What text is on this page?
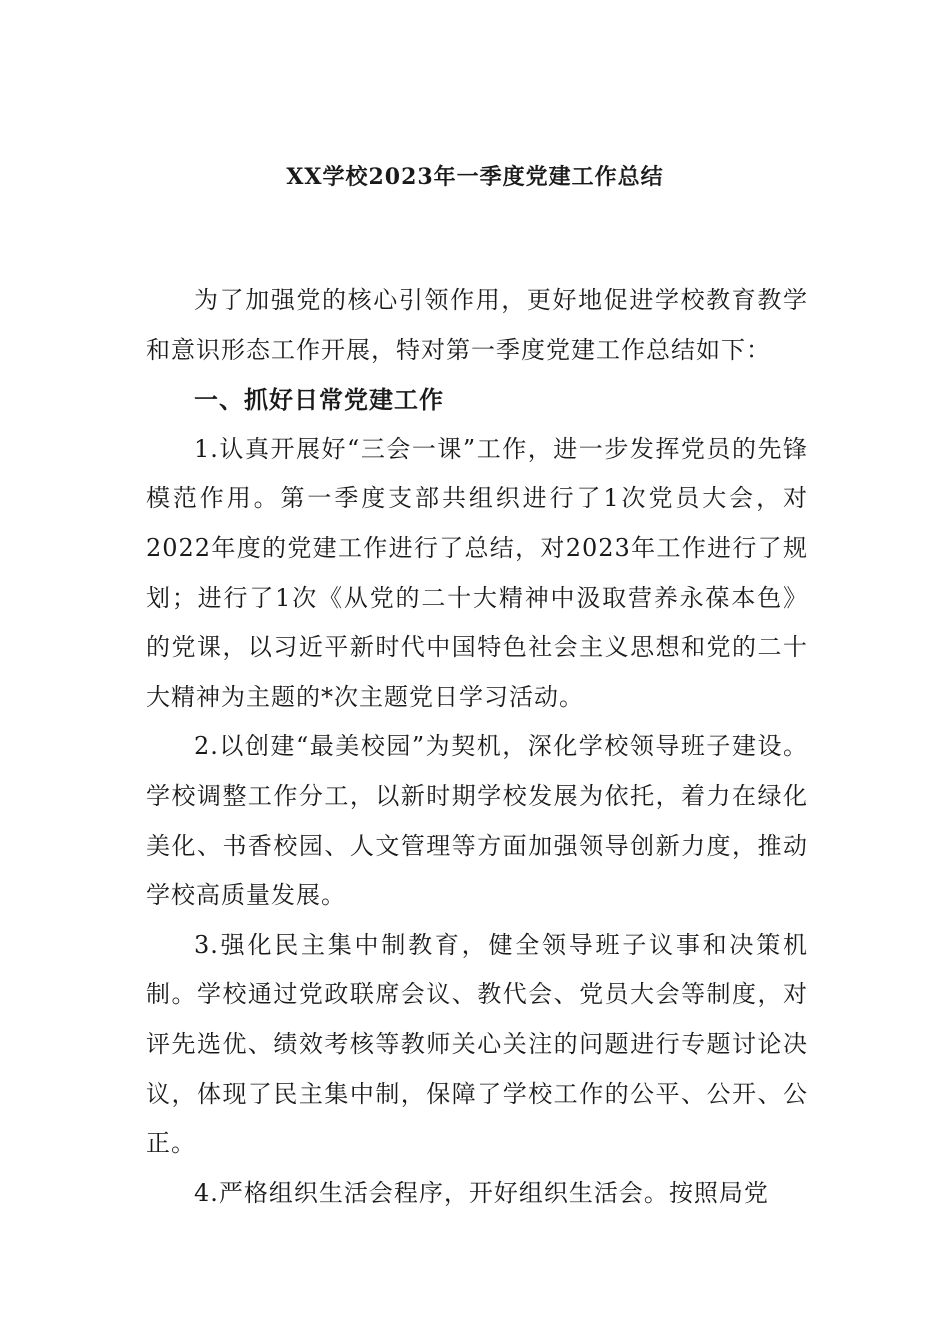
XX学校2023年一季度党建工作总结

为了加强党的核心引领作用，更好地促进学校教育教学和意识形态工作开展，特对第一季度党建工作总结如下：

一、抓好日常党建工作

1.认真开展好“三会一课”工作，进一步发挥党员的先锋模范作用。第一季度支部共组织进行了1次党员大会，对2022年度的党建工作进行了总结，对2023年工作进行了规划；进行了1次《从党的二十大精神中汲取营养永葆本色》的党课，以习近平新时代中国特色社会主义思想和党的二十大精神为主题的*次主题党日学习活动。

2.以创建“最美校园”为契机，深化学校领导班子建设。学校调整工作分工，以新时期学校发展为依托，着力在绿化美化、书香校园、人文管理等方面加强领导创新力度，推动学校高质量发展。

3.强化民主集中制教育，健全领导班子议事和决策机制。学校通过党政联席会议、教代会、党员大会等制度，对评先选优、绩效考核等教师关心关注的问题进行专题讨论决议，体现了民主集中制，保障了学校工作的公平、公开、公正。

4.严格组织生活会程序，开好组织生活会。按照局党
